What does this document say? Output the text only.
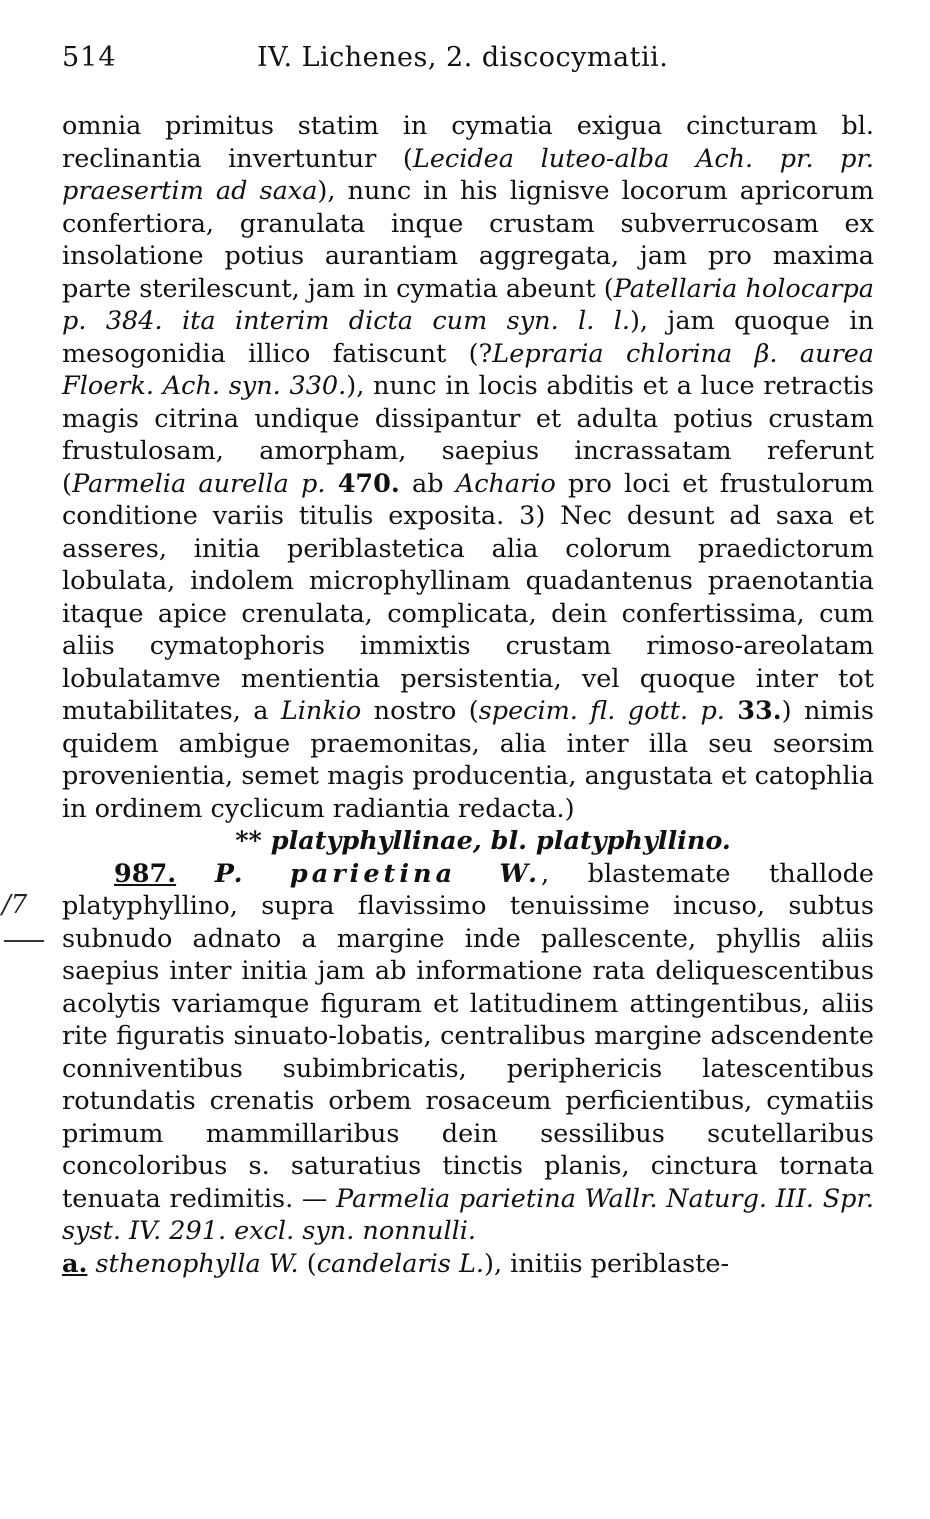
514	IV. Lichenes, 2. discocymatii.
/7

omnia primitus statim in cymatia exigua cincturam bl. reclinantia invertuntur (Lecidea luteo-alba Ach. pr. pr. praesertim ad saxa), nunc in his lignisve locorum apricorum confertiora, granulata inque crustam subverrucosam ex insolatione potius aurantiam aggregata, jam pro maxima parte sterilescunt, jam in cymatia abeunt (Patellaria holocarpa p. 384. ita interim dicta cum syn. l. l.), jam quoque in mesogonidia illico fatiscunt (?Lepraria chlorina β. aurea Floerk. Ach. syn. 330.), nunc in locis abditis et a luce retractis magis citrina undique dissipantur et adulta potius crustam frustulosam, amorpham, saepius incrassatam referunt (Parmelia aurella p. 470. ab Achario pro loci et frustulorum conditione variis titulis exposita. 3) Nec desunt ad saxa et asseres, initia periblastetica alia colorum praedictorum lobulata, indolem microphyllinam quadantenus praenotantia itaque apice crenulata, complicata, dein confertissima, cum aliis cymatophoris immixtis crustam rimoso-areolatam lobulatamve mentientia persistentia, vel quoque inter tot mutabilitates, a Linkio nostro (specim. fl. gott. p. 33.) nimis quidem ambigue praemonitas, alia inter illa seu seorsim provenientia, semet magis producentia, angustata et catophlia in ordinem cyclicum radiantia redacta.)

** platyphyllinae, bl. platyphyllino.

987. P. parietina W., blastemate thallode platyphyllino, supra flavissimo tenuissime incuso, subtus subnudo adnato a margine inde pallescente, phyllis aliis saepius inter initia jam ab informatione rata deliquescentibus acolytis variamque figuram et latitudinem attingentibus, aliis rite figuratis sinuato-lobatis, centralibus margine adscendente conniventibus subimbricatis, periphericis latescentibus rotundatis crenatis orbem rosaceum perficientibus, cymatiis primum mammillaribus dein sessilibus scutellaribus concoloribus s. saturatius tinctis planis, cinctura tornata tenuata redimitis. — Parmelia parietina Wallr. Naturg. III. Spr. syst. IV. 291. excl. syn. nonnulli.

a. sthenophylla W. (candelaris L.), initiis periblaste-
